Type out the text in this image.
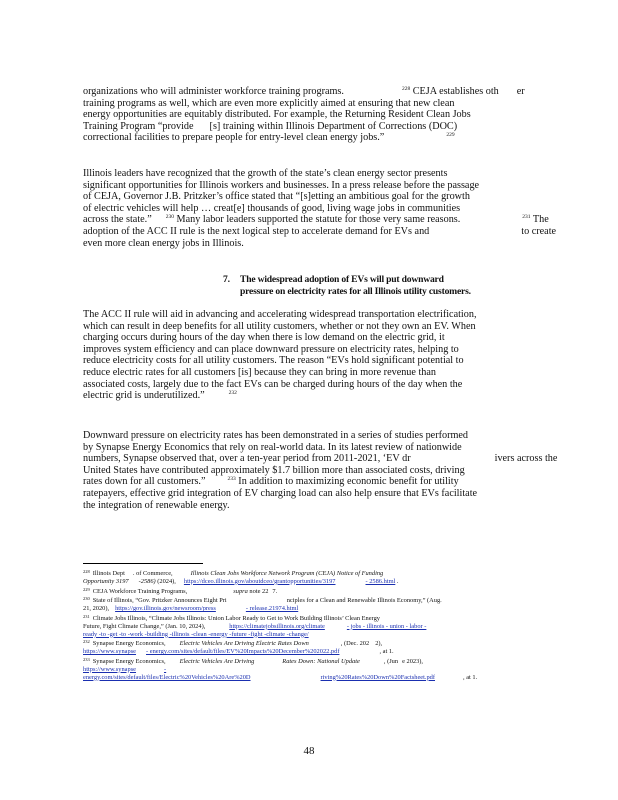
organizations who will administer workforce training programs.	$^{228}$ CEJA establishes oth er
training programs as well, which are even more explicitly aimed at ensuring that new clean
energy opportunities are equitably distributed. For example, the Returning Resident Clean Jobs
Training Program “provide [s] training within Illinois Department of Corrections (DOC)
correctional facilities to prepare people for entry-level clean energy jobs.”	$^{229}$
Illinois leaders have recognized that the growth of the state’s clean energy sector presents
significant opportunities for Illinois workers and businesses. In a press release before the passage
of CEJA, Governor J.B. Pritzker’s office stated that “[s]etting an ambitious goal for the growth
of electric vehicles will help … creat[e] thousands of good, living wage jobs in communities
across the state.”	$^{230}$ Many labor leaders supported the statute for those very same reasons.	$^{231}$ The
adoption of the ACC II rule is the next logical step to accelerate demand for EVs and	to create
even more clean energy jobs in Illinois.
The ACC II rule will aid in advancing and accelerating widespread transportation electrification,
which can result in deep benefits for all utility customers, whether or not they own an EV. When
charging occurs during hours of the day when there is low demand on the electric grid, it
improves system efficiency and can place downward pressure on electricity rates, helping to
reduce electricity costs for all utility customers. The reason “EVs hold significant potential to
reduce electric rates for all customers [is] because they can bring in more revenue than
associated costs, largely due to the fact EVs can be charged during hours of the day when the
electric grid is underutilized.”	$^{232}$
Downward pressure on electricity rates has been demonstrated in a series of studies performed
by Synapse Energy Economics that rely on real-world data. In its latest review of nationwide
numbers, Synapse observed that, over a ten-year period from 2011-2021, ‘EV dr	ivers across the
United States have contributed approximately $1.7 billion more than associated costs, driving
rates down for all customers.”	$^{233}$ In addition to maximizing economic benefit for utility
ratepayers, effective grid integration of EV charging load can also help ensure that EVs facilitate
the integration of renewable energy.
7. The widespread adoption of EVs will put downward
pressure on electricity rates for all Illinois utility customers.
$^{228}$ Illinois Dept . of Commerce,	Illinois Clean Jobs Workforce Network Program (CEJA) Notice of Funding
Opportunity 3197 -2586) (2024), https://dceo.illinois.gov/aboutdceo/grantopportunities/3197	- 2586.html .
$^{229}$ CEJA Workforce Training Programs,	supra note 22 7.
$^{230}$ State of Illinois, “Gov. Pritzker Announces Eight Pri	nciples for a Clean and Renewable Illinois Economy,” (Aug.
21, 2020), https://gov.illinois.gov/newsroom/press	- release.21974.html
$^{231}$ Climate Jobs Illinois, “Climate Jobs Illinois: Union Labor Ready to Get to Work Building Illinois’ Clean Energy
Future, Fight Climate Change,” (Jan. 10, 2024),	https://climatejobsillinois.org/climate	- jobs - illinois - union - labor -
ready -to -get -to -work -building -illinois -clean -energy -future -fight -climate -change/
$^{232}$ Synapse Energy Economics, Electric Vehicles Are Driving Electric Rates Down	, (Dec. 202 2),
https://www.synapse - energy.com/sites/default/files/EV%20Impacts%20December%202022.pdf	, at 1.
$^{233}$ Synapse Energy Economics, Electric Vehicles Are Driving	Rates Down: National Update	, (Jun e 2023),
https://www.synapse	-
energy.com/sites/default/files/Electric%20Vehicles%20Are%20D	riving%20Rates%20Down%20Factsheet.pdf	, at 1.
48
